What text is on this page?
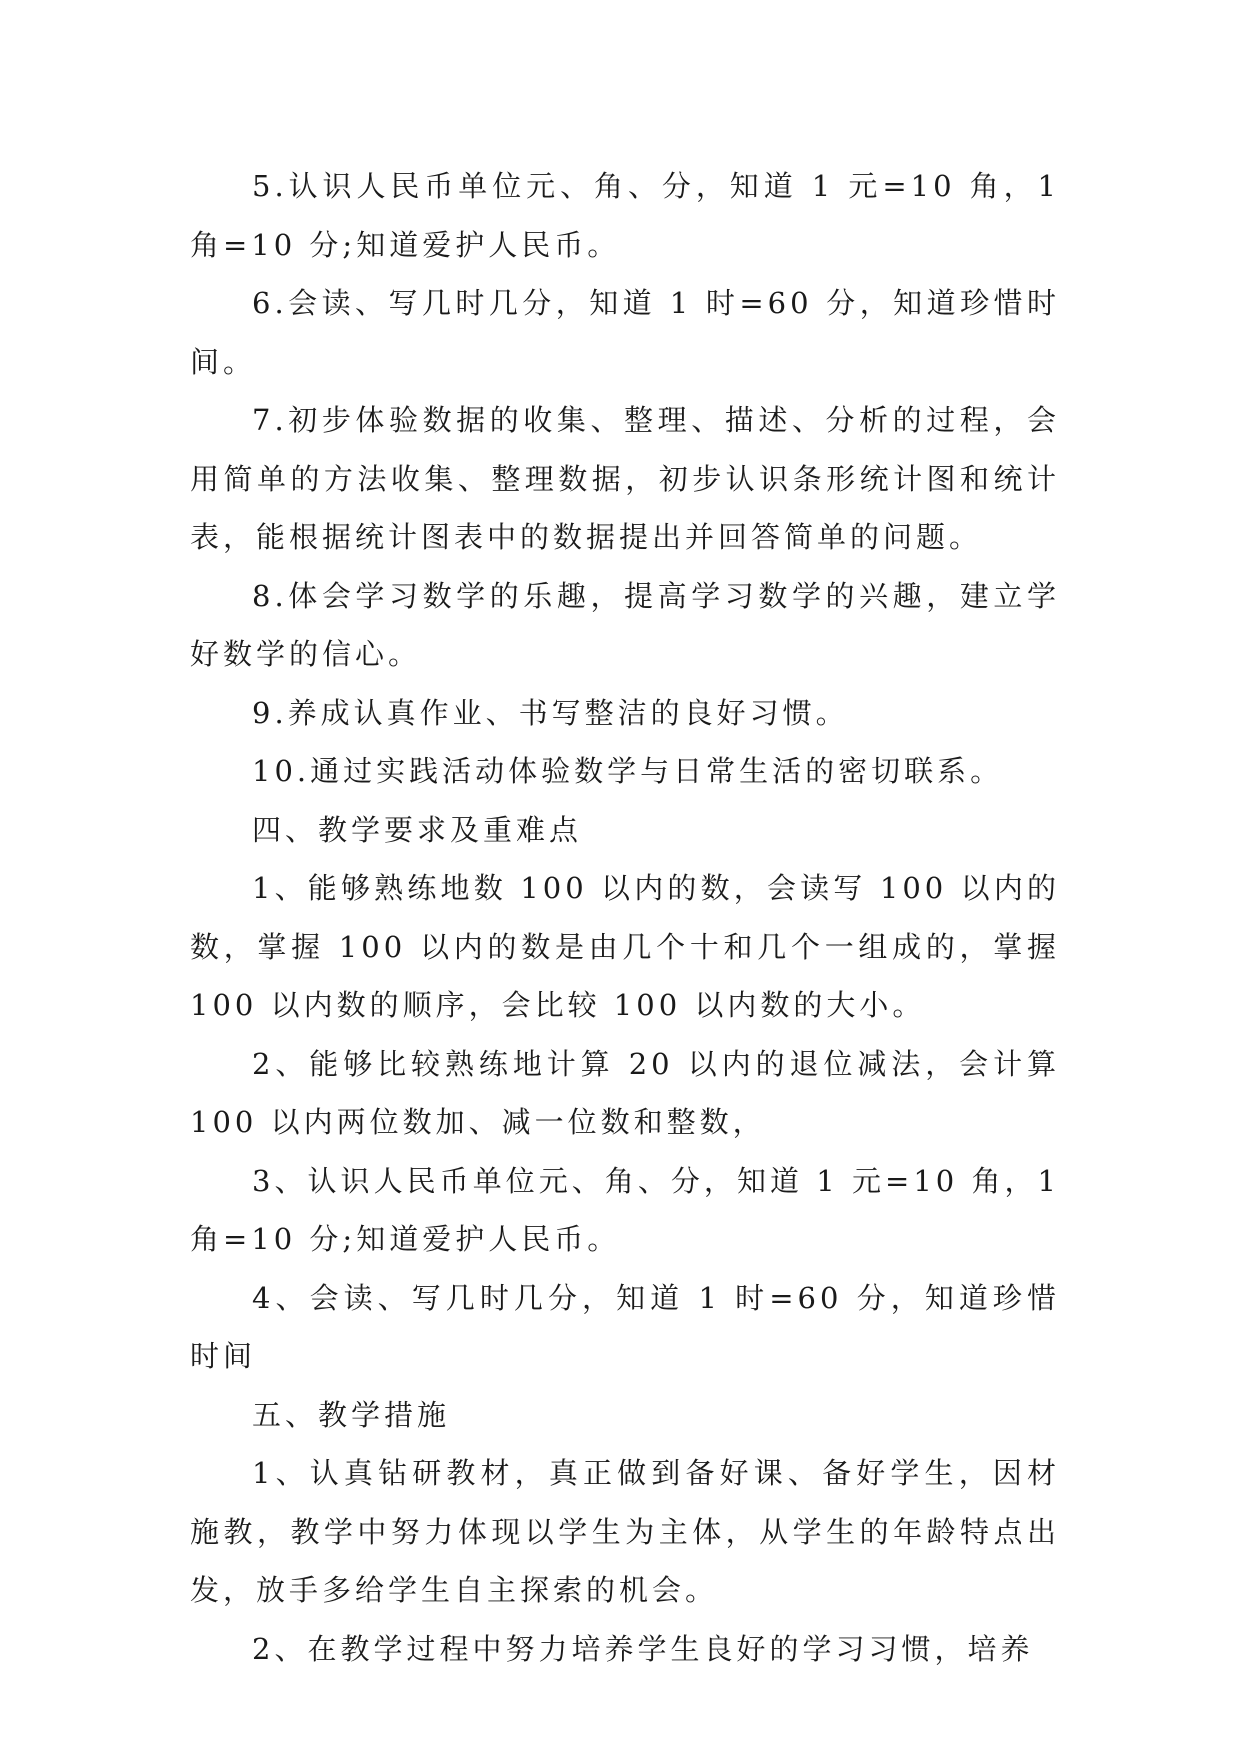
5.认识人民币单位元、角、分，知道 1 元=10 角，1 角=10 分;知道爱护人民币。

6.会读、写几时几分，知道 1 时=60 分，知道珍惜时间。

7.初步体验数据的收集、整理、描述、分析的过程，会用简单的方法收集、整理数据，初步认识条形统计图和统计表，能根据统计图表中的数据提出并回答简单的问题。

8.体会学习数学的乐趣，提高学习数学的兴趣，建立学好数学的信心。

9.养成认真作业、书写整洁的良好习惯。

10.通过实践活动体验数学与日常生活的密切联系。

四、教学要求及重难点

1、能够熟练地数 100 以内的数，会读写 100 以内的数，掌握 100 以内的数是由几个十和几个一组成的，掌握 100 以内数的顺序，会比较 100 以内数的大小。

2、能够比较熟练地计算 20 以内的退位减法，会计算 100 以内两位数加、减一位数和整数，

3、认识人民币单位元、角、分，知道 1 元=10 角，1 角=10 分;知道爱护人民币。

4、会读、写几时几分，知道 1 时=60 分，知道珍惜时间

五、教学措施

1、认真钻研教材，真正做到备好课、备好学生，因材施教，教学中努力体现以学生为主体，从学生的年龄特点出发，放手多给学生自主探索的机会。

2、在教学过程中努力培养学生良好的学习习惯，培养
